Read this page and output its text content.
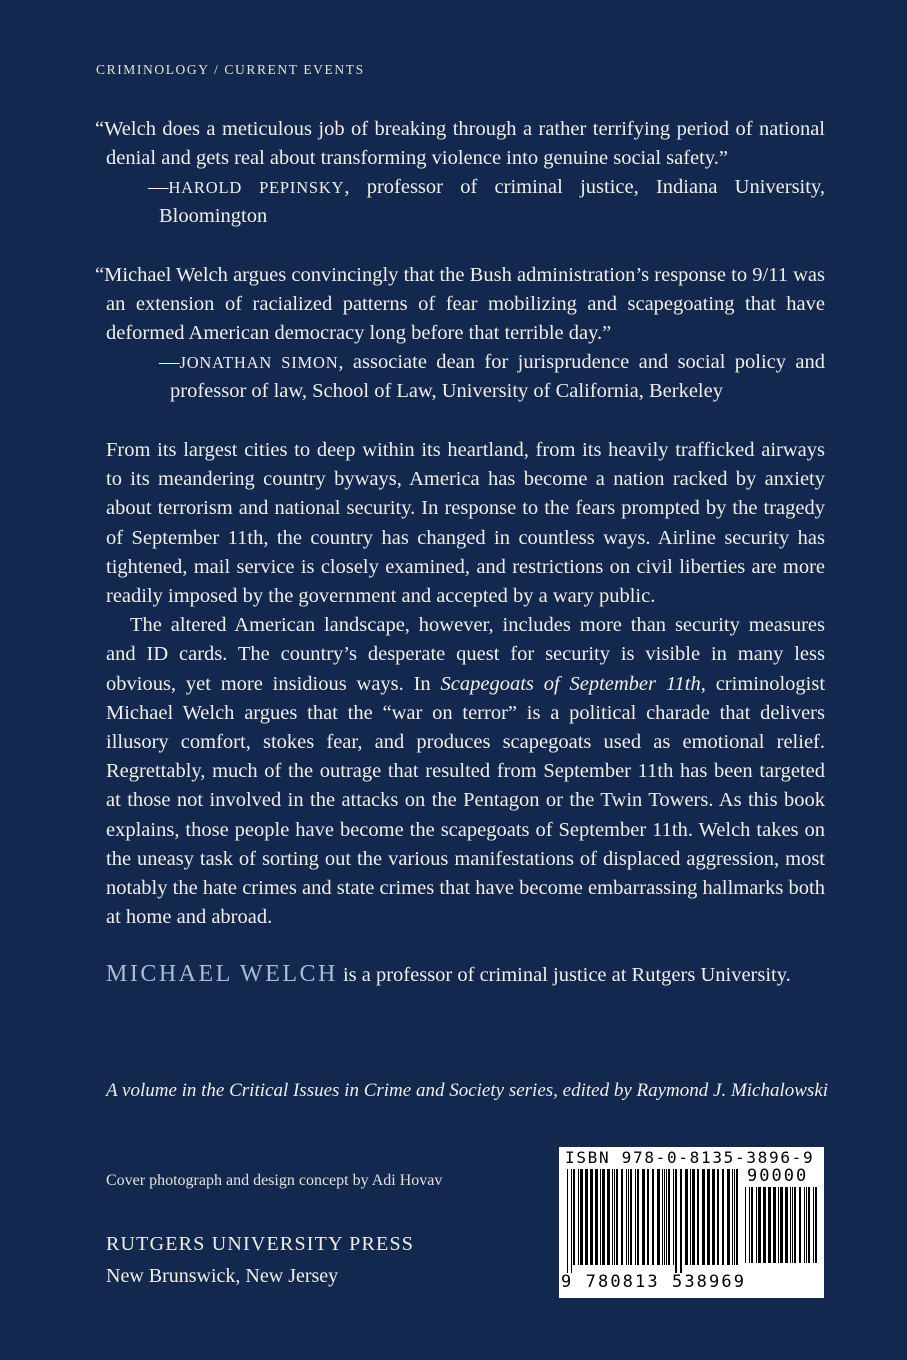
CRIMINOLOGY / CURRENT EVENTS
“Welch does a meticulous job of breaking through a rather terrifying period of national denial and gets real about transforming violence into genuine social safety.”
—HAROLD PEPINSKY, professor of criminal justice, Indiana University, Bloomington
“Michael Welch argues convincingly that the Bush administration’s response to 9/11 was an extension of racialized patterns of fear mobilizing and scapegoating that have deformed American democracy long before that terrible day.”
—JONATHAN SIMON, associate dean for jurisprudence and social policy and professor of law, School of Law, University of California, Berkeley

From its largest cities to deep within its heartland, from its heavily trafficked airways to its meandering country byways, America has become a nation racked by anxiety about terrorism and national security. In response to the fears prompted by the tragedy of September 11th, the country has changed in countless ways. Airline security has tightened, mail service is closely examined, and restrictions on civil liberties are more readily imposed by the government and accepted by a wary public.

The altered American landscape, however, includes more than security measures and ID cards. The country’s desperate quest for security is visible in many less obvious, yet more insidious ways. In Scapegoats of September 11th, criminologist Michael Welch argues that the “war on terror” is a political charade that delivers illusory comfort, stokes fear, and produces scapegoats used as emotional relief. Regrettably, much of the outrage that resulted from September 11th has been targeted at those not involved in the attacks on the Pentagon or the Twin Towers. As this book explains, those people have become the scapegoats of September 11th. Welch takes on the uneasy task of sorting out the various manifestations of displaced aggression, most notably the hate crimes and state crimes that have become embarrassing hallmarks both at home and abroad.

MICHAEL WELCH is a professor of criminal justice at Rutgers University.
A volume in the Critical Issues in Crime and Society series, edited by Raymond J. Michalowski
Cover photograph and design concept by Adi Hovav
RUTGERS UNIVERSITY PRESS
New Brunswick, New Jersey
ISBN 978-0-8135-3896-9
90000
9 780813 538969
